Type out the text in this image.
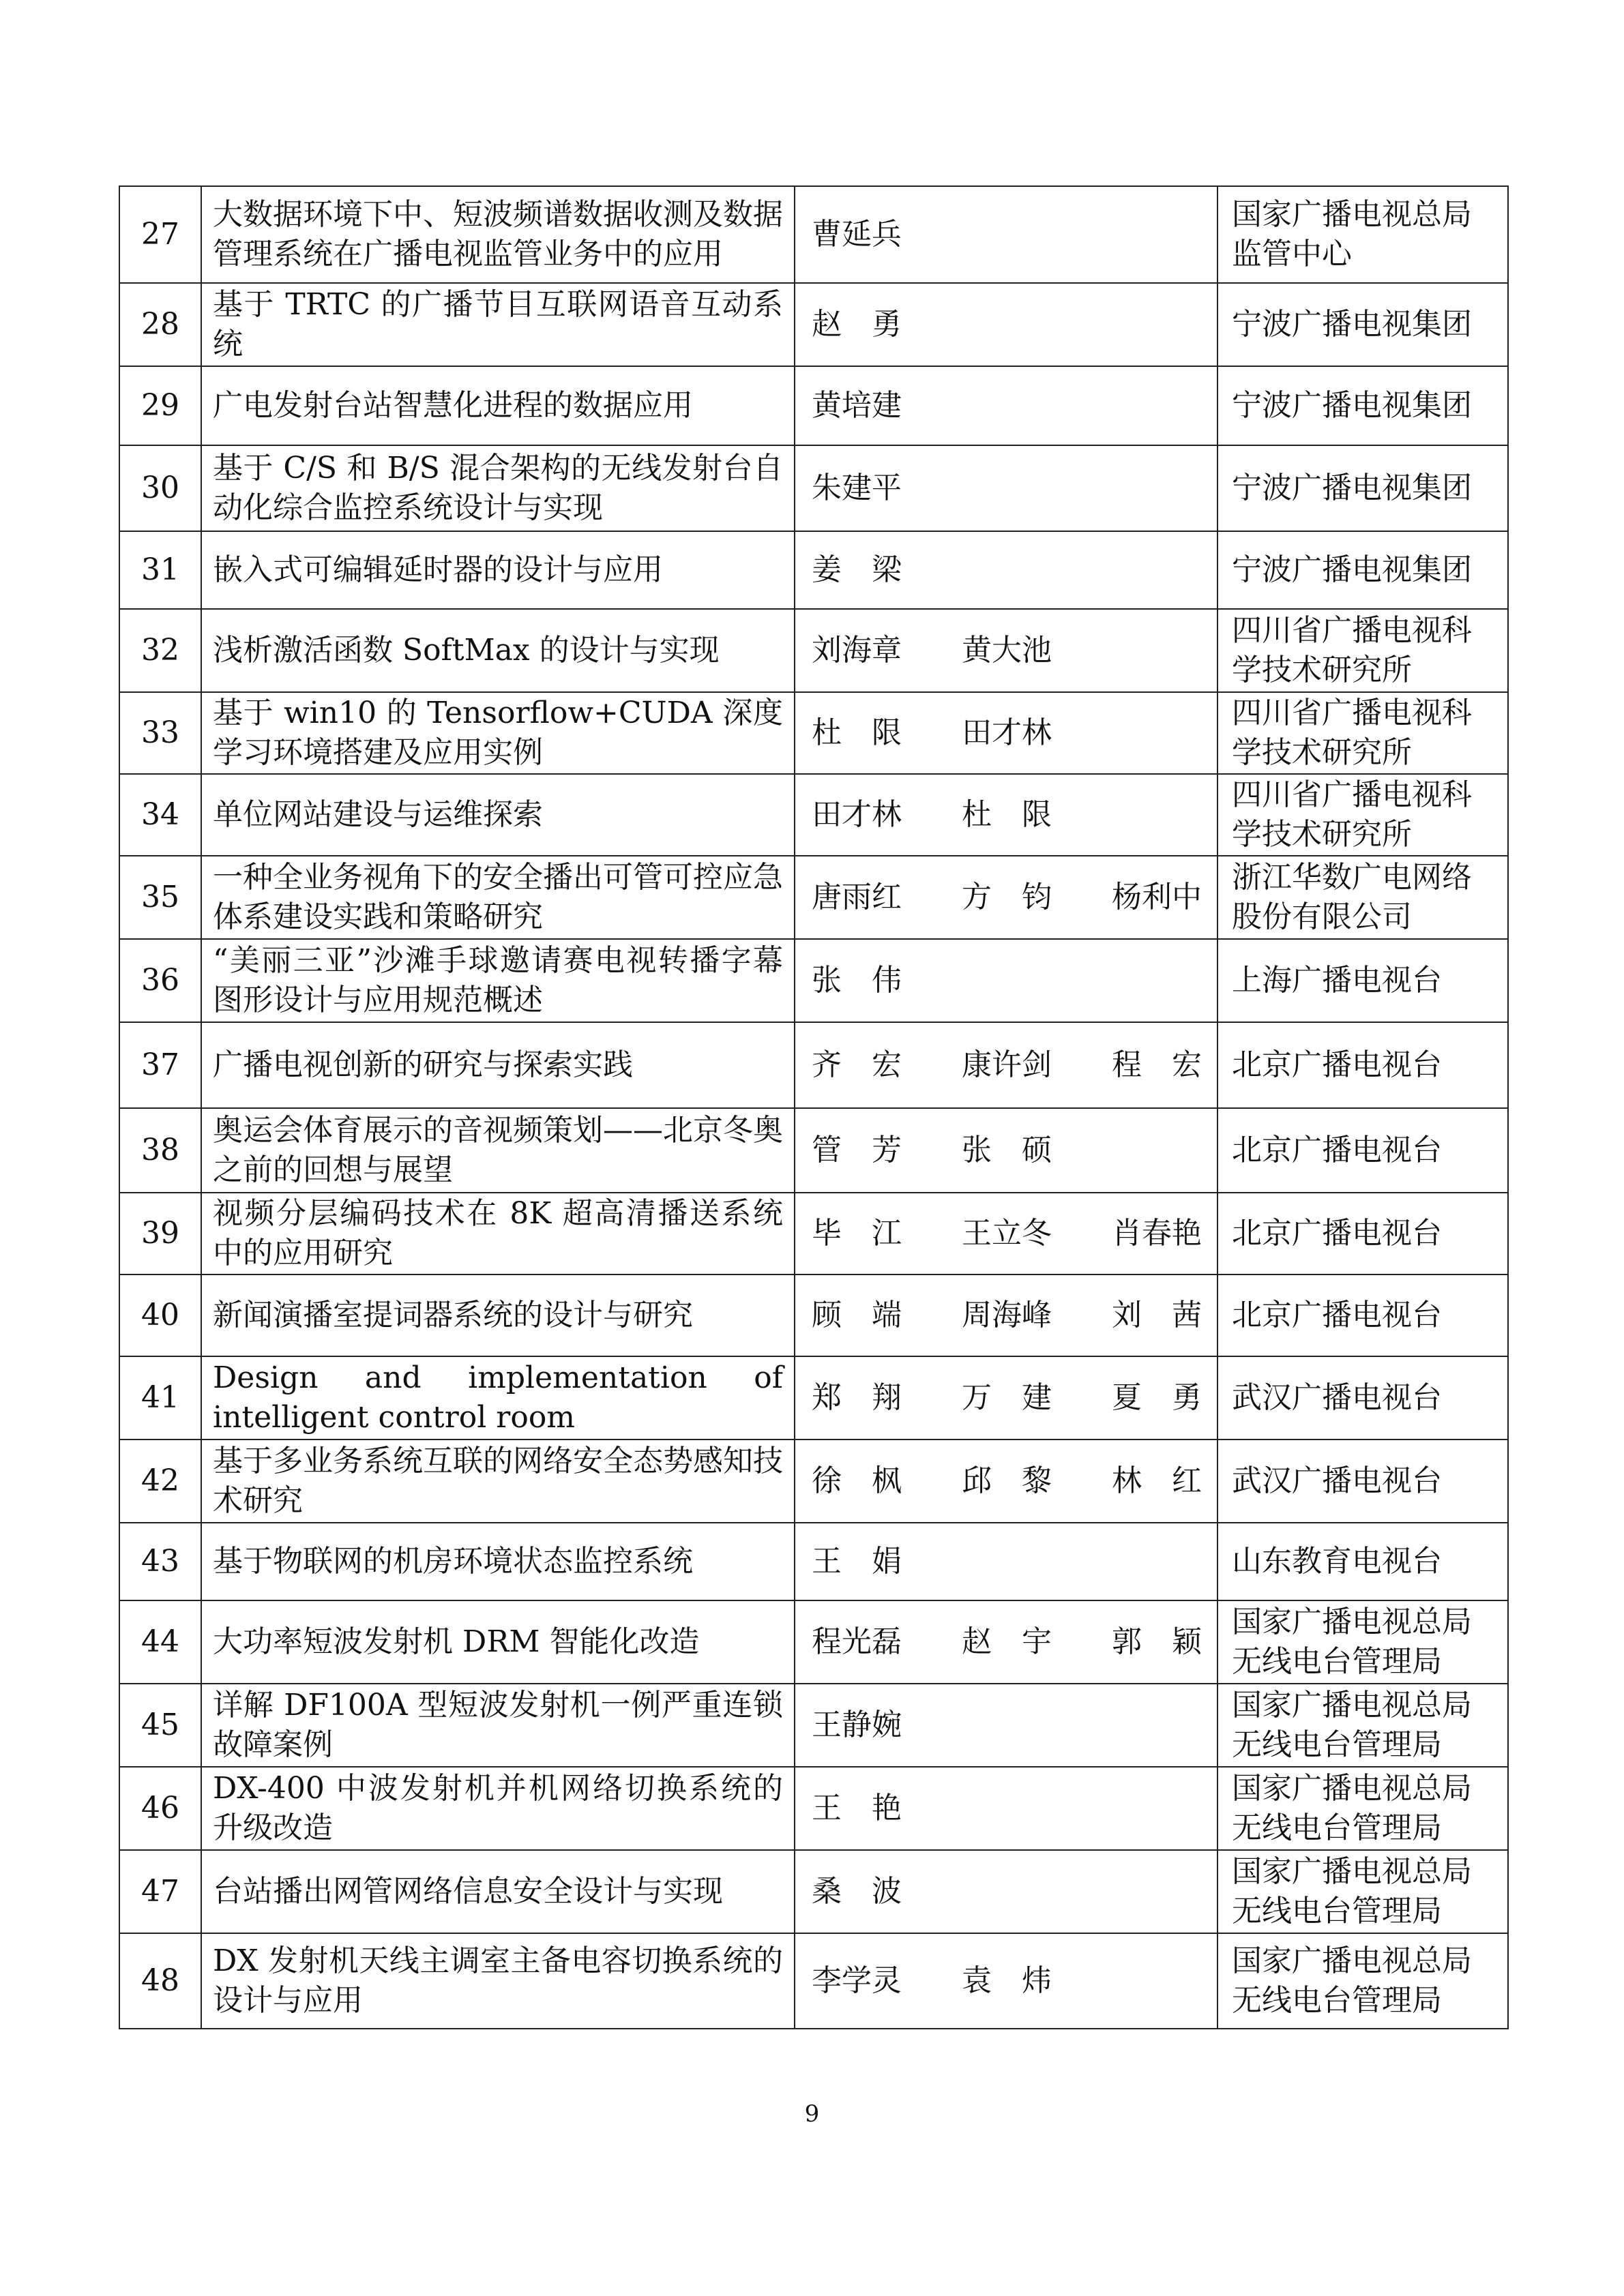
27	大数据环境下中、短波频谱数据收测及数据管理系统在广播电视监管业务中的应用	曹延兵	国家广播电视总局监管中心
28	基于 TRTC 的广播节目互联网语音互动系统	赵　勇	宁波广播电视集团
29	广电发射台站智慧化进程的数据应用	黄培建	宁波广播电视集团
30	基于 C/S 和 B/S 混合架构的无线发射台自动化综合监控系统设计与实现	朱建平	宁波广播电视集团
31	嵌入式可编辑延时器的设计与应用	姜　梁	宁波广播电视集团
32	浅析激活函数 SoftMax 的设计与实现	刘海章　　黄大池	四川省广播电视科学技术研究所
33	基于 win10 的 Tensorflow+CUDA 深度学习环境搭建及应用实例	杜　限　　田才林	四川省广播电视科学技术研究所
34	单位网站建设与运维探索	田才林　　杜　限	四川省广播电视科学技术研究所
35	一种全业务视角下的安全播出可管可控应急体系建设实践和策略研究	唐雨红　　方　钧　　杨利中	浙江华数广电网络股份有限公司
36	“美丽三亚”沙滩手球邀请赛电视转播字幕图形设计与应用规范概述	张　伟	上海广播电视台
37	广播电视创新的研究与探索实践	齐　宏　　康许剑　　程　宏	北京广播电视台
38	奥运会体育展示的音视频策划——北京冬奥之前的回想与展望	管　芳　　张　硕	北京广播电视台
39	视频分层编码技术在 8K 超高清播送系统中的应用研究	毕　江　　王立冬　　肖春艳	北京广播电视台
40	新闻演播室提词器系统的设计与研究	顾　端　　周海峰　　刘　茜	北京广播电视台
41	Design and implementation of intelligent control room	郑　翔　　万　建　　夏　勇	武汉广播电视台
42	基于多业务系统互联的网络安全态势感知技术研究	徐　枫　　邱　黎　　林　红	武汉广播电视台
43	基于物联网的机房环境状态监控系统	王　娟	山东教育电视台
44	大功率短波发射机 DRM 智能化改造	程光磊　　赵　宇　　郭　颖	国家广播电视总局无线电台管理局
45	详解 DF100A 型短波发射机一例严重连锁故障案例	王静婉	国家广播电视总局无线电台管理局
46	DX-400 中波发射机并机网络切换系统的升级改造	王　艳	国家广播电视总局无线电台管理局
47	台站播出网管网络信息安全设计与实现	桑　波	国家广播电视总局无线电台管理局
48	DX 发射机天线主调室主备电容切换系统的设计与应用	李学灵　　袁　炜	国家广播电视总局无线电台管理局
9
